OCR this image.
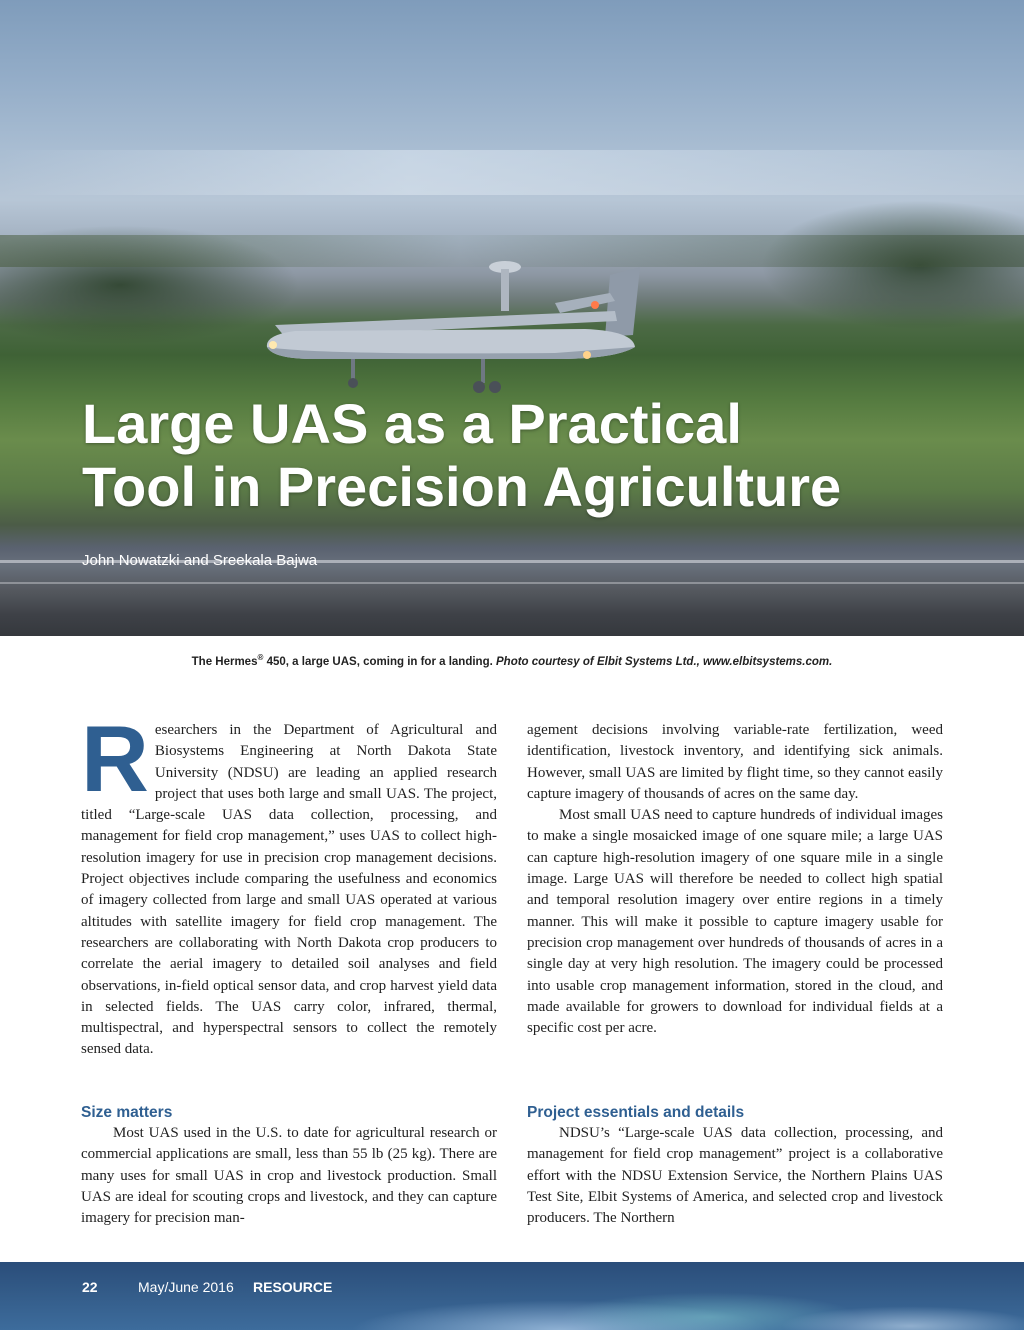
Large UAS as a Practical
Tool in Precision Agriculture
John Nowatzki and Sreekala Bajwa
The Hermes® 450, a large UAS, coming in for a landing. Photo courtesy of Elbit Systems Ltd., www.elbitsystems.com.

Researchers in the Department of Agricultural and Biosystems Engineering at North Dakota State University (NDSU) are leading an applied research project that uses both large and small UAS. The project, titled “Large-scale UAS data collection, processing, and management for field crop management,” uses UAS to collect high-resolution imagery for use in precision crop management decisions. Project objectives include comparing the usefulness and economics of imagery collected from large and small UAS operated at various altitudes with satellite imagery for field crop management. The researchers are collaborating with North Dakota crop producers to correlate the aerial imagery to detailed soil analyses and field observations, in-field optical sensor data, and crop harvest yield data in selected fields. The UAS carry color, infrared, thermal, multispectral, and hyperspectral sensors to collect the remotely sensed data.

Size matters

Most UAS used in the U.S. to date for agricultural research or commercial applications are small, less than 55 lb (25 kg). There are many uses for small UAS in crop and livestock production. Small UAS are ideal for scouting crops and livestock, and they can capture imagery for precision man-

agement decisions involving variable-rate fertilization, weed identification, livestock inventory, and identifying sick animals. However, small UAS are limited by flight time, so they cannot easily capture imagery of thousands of acres on the same day.

Most small UAS need to capture hundreds of individual images to make a single mosaicked image of one square mile; a large UAS can capture high-resolution imagery of one square mile in a single image. Large UAS will therefore be needed to collect high spatial and temporal resolution imagery over entire regions in a timely manner. This will make it possible to capture imagery usable for precision crop management over hundreds of thousands of acres in a single day at very high resolution. The imagery could be processed into usable crop management information, stored in the cloud, and made available for growers to download for individual fields at a specific cost per acre.

Project essentials and details

NDSU’s “Large-scale UAS data collection, processing, and management for field crop management” project is a collaborative effort with the NDSU Extension Service, the Northern Plains UAS Test Site, Elbit Systems of America, and selected crop and livestock producers. The Northern

22	May/June 2016 RESOURCE
